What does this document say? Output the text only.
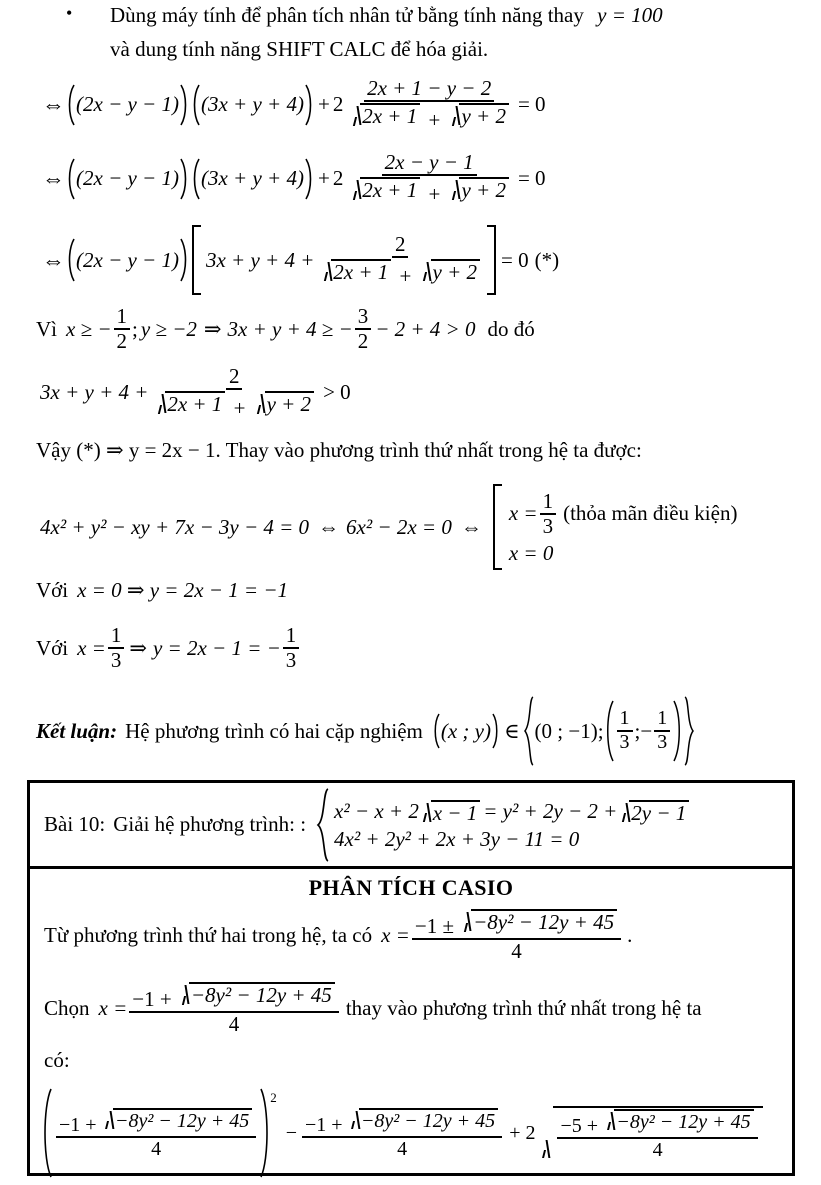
• Dùng máy tính để phân tích nhân tử bằng tính năng thay y = 100
và dung tính năng SHIFT CALC để hóa giải.
⇔ (2x − y − 1) $(3x + y + 4) + 2 \frac{2x + 1 - y - 2}{2x + 1 + y + 2} = 0$
⇔ (2x − y − 1) $(3x + y + 4) + 2 \frac{2x - y - 1}{2x + 1 + y + 2} = 0$
⇔ (2x − y − 1) $3x + y + 4 + \frac{2}{2x + 1 + y + 2} = 0$ (*)
Vì x ≥ − $\frac{1}{2}$ ; y ≥ −2 ⇒ 3x + y + 4 ≥ − $\frac{3}{2} - 2 + 4 > 0$ do đó
$3x + y + 4 + \frac{2}{2x + 1 + y + 2} > 0$
Vậy (*) ⇒ y = 2x − 1. Thay vào phương trình thứ nhất trong hệ ta được:
4x² + y² − xy + 7x − 3y − 4 = 0 ⇔ 6x² − 2x = 0 ⇔
$x = \frac{1}{3}$ (thỏa mãn điều kiện)
x = 0
Với x = 0 ⇒ y = 2x − 1 = −1
Với $x = \frac{1}{3}$ ⇒ y = 2x − 1 = − $\frac{1}{3}$
Kết luận: Hệ phương trình có hai cặp nghiệm (x ; y) ∈ (0 ; −1) ; $\frac{1}{3}$ ; − $\frac{1}{3}$
Bài 10: Giải hệ phương trình: :
x² − x + 2 x − 1 = y² + 2y − 2 + 2y − 1
4x² + 2y² + 2x + 3y − 11 = 0
PHÂN TÍCH CASIO
Từ phương trình thứ hai trong hệ, ta có $x = \frac{\text{−1 ± −8y² − 12y + 45}}{4}$ .
Chọn $x = \frac{\text{−1 + −8y² − 12y + 45}}{4}$ thay vào phương trình thứ nhất trong hệ ta
có:
$\frac{\text{−1 + −8y² − 12y + 45}}{4}$
2
− $\frac{\text{−1 + −8y² − 12y + 45}}{4} + 2 \frac{\text{−5 + −8y² − 12y + 45}}{4}$
